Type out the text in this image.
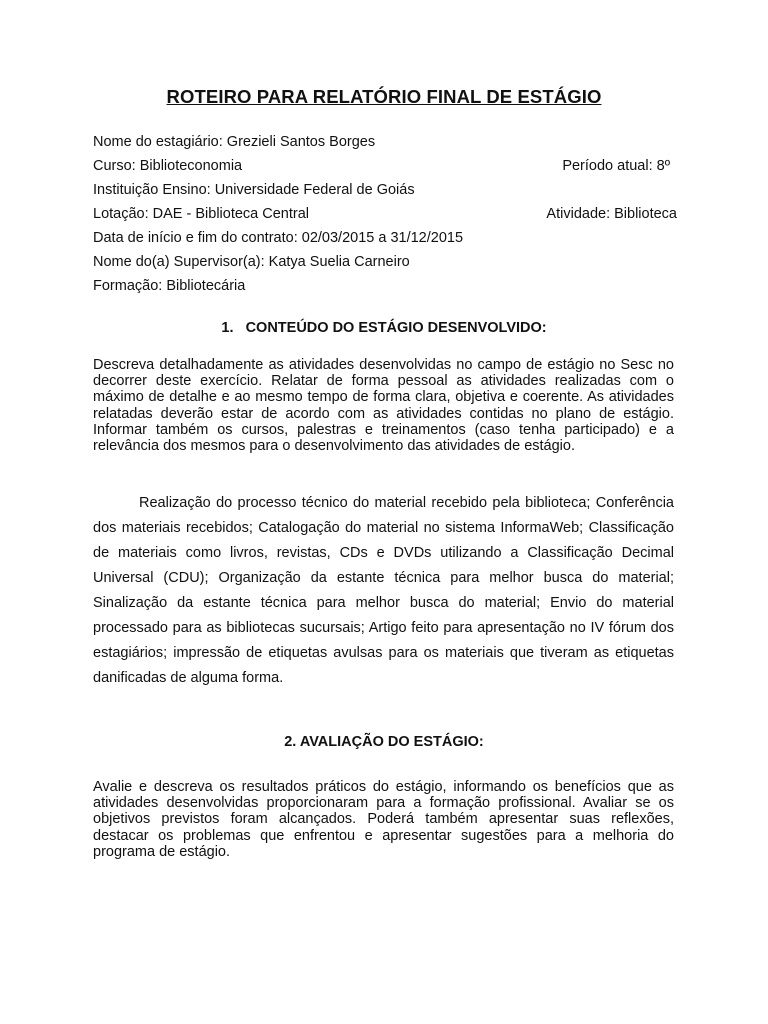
ROTEIRO PARA RELATÓRIO FINAL DE ESTÁGIO
Nome do estagiário: Grezieli Santos Borges
Curso: Biblioteconomia	Período atual: 8º
Instituição Ensino: Universidade Federal de Goiás
Lotação: DAE - Biblioteca Central	Atividade: Biblioteca
Data de início e fim do contrato: 02/03/2015 a 31/12/2015
Nome do(a) Supervisor(a): Katya Suelia Carneiro
Formação: Bibliotecária
1.   CONTEÚDO DO ESTÁGIO DESENVOLVIDO:
Descreva detalhadamente as atividades desenvolvidas no campo de estágio no Sesc no decorrer deste exercício. Relatar de forma pessoal as atividades realizadas com o máximo de detalhe e ao mesmo tempo de forma clara, objetiva e coerente. As atividades relatadas deverão estar de acordo com as atividades contidas no plano de estágio. Informar também os cursos, palestras e treinamentos (caso tenha participado) e a relevância dos mesmos para o desenvolvimento das atividades de estágio.
Realização do processo técnico do material recebido pela biblioteca; Conferência dos materiais recebidos; Catalogação do material no sistema InformaWeb; Classificação de materiais como livros, revistas, CDs e DVDs utilizando a Classificação Decimal Universal (CDU); Organização da estante técnica para melhor busca do material; Sinalização da estante técnica para melhor busca do material; Envio do material processado para as bibliotecas sucursais; Artigo feito para apresentação no IV fórum dos estagiários; impressão de etiquetas avulsas para os materiais que tiveram as etiquetas danificadas de alguma forma.
2. AVALIAÇÃO DO ESTÁGIO:
Avalie e descreva os resultados práticos do estágio, informando os benefícios que as atividades desenvolvidas proporcionaram para a formação profissional. Avaliar se os objetivos previstos foram alcançados. Poderá também apresentar suas reflexões, destacar os problemas que enfrentou e apresentar sugestões para a melhoria do programa de estágio.
